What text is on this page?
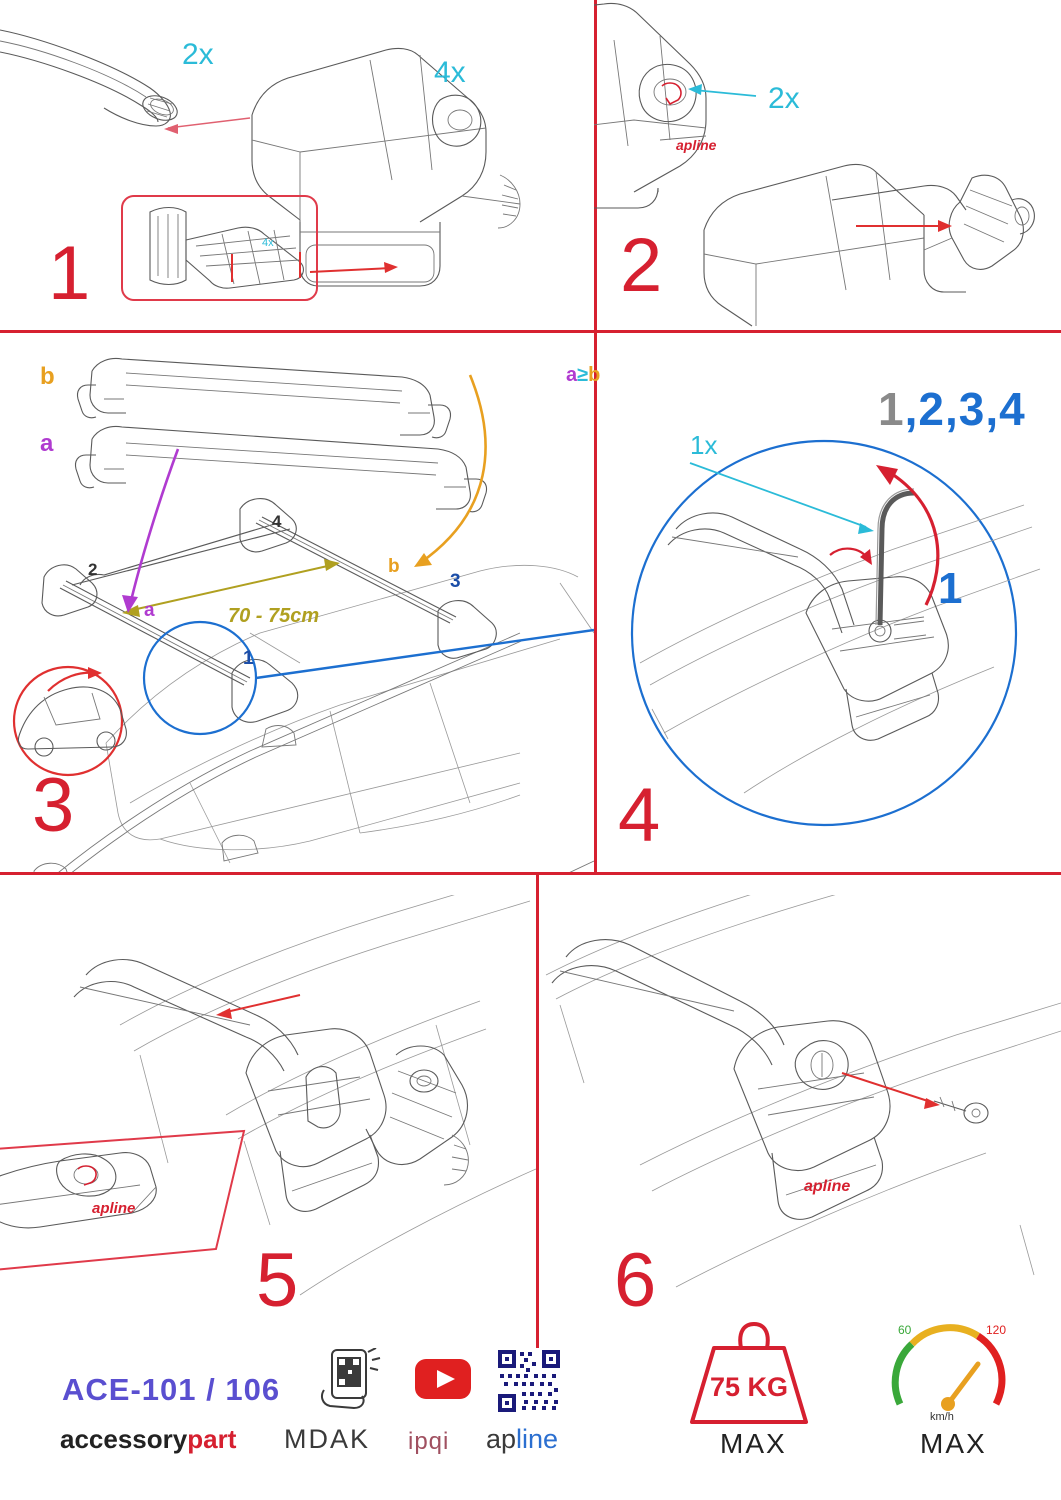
4x
2x
4x
1
apline
2x
2
b
a
a
b
70 - 75cm
1
2
3
4
3
a≥b
1x
1,2,3,4
1
4
apline
5
apline
6
ACE-101 / 106
accessorypart MDAK ipqi apline
75 KG
MAX
60	120
km/h
MAX
